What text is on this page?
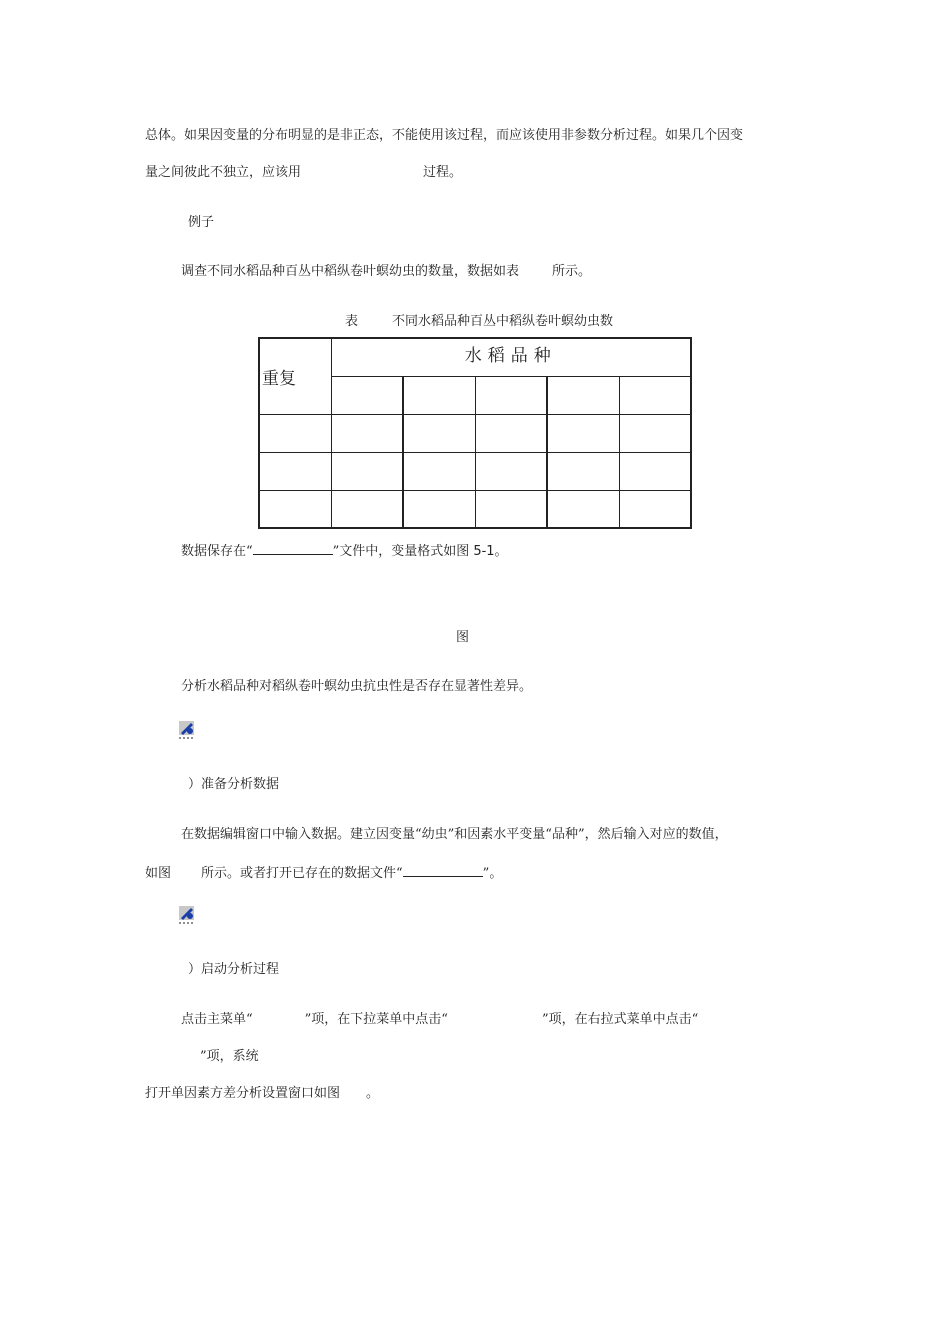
总体。如果因变量的分布明显的是非正态，不能使用该过程，而应该使用非参数分析过程。如果几个因变
量之间彼此不独立，应该用	过程。
例子
调查不同水稻品种百丛中稻纵卷叶螟幼虫的数量，数据如表	所示。
表	不同水稻品种百丛中稻纵卷叶螟幼虫数
重复	水稻品种				

数据保存在“	”文件中，变量格式如图 5-1。
图
分析水稻品种对稻纵卷叶螟幼虫抗虫性是否存在显著性差异。
）准备分析数据
在数据编辑窗口中输入数据。建立因变量“幼虫”和因素水平变量“品种”，然后输入对应的数值，
如图 所示。或者打开已存在的数据文件“	”。
）启动分析过程
点击主菜单“	”项，在下拉菜单中点击“	”项，在右拉式菜单中点击“
”项，系统
打开单因素方差分析设置窗口如图 。
